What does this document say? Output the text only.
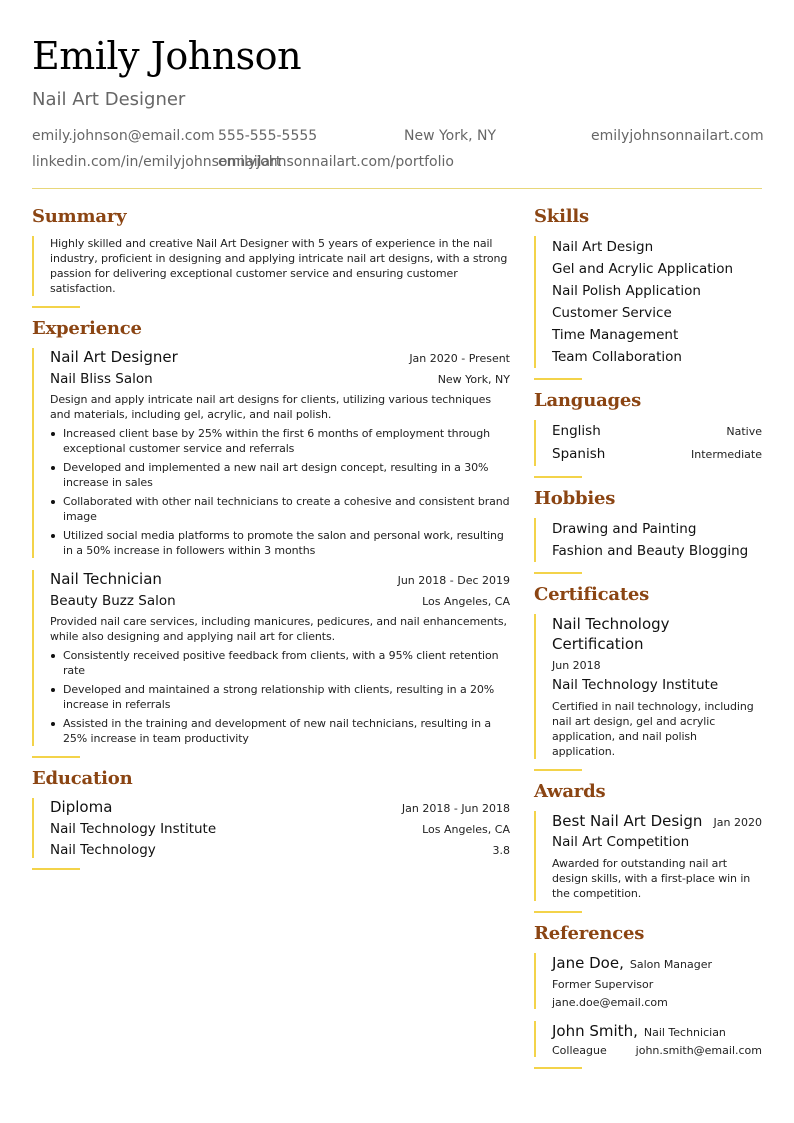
Emily Johnson
Nail Art Designer
emily.johnson@email.com 555-555-5555	New York, NY	emilyjohnsonnailart.com
linkedin.com/in/emilyjohnsonnailart
emilyjohnsonnailart.com/portfolio
Summary
Highly skilled and creative Nail Art Designer with 5 years of experience in the nail industry, proficient in designing and applying intricate nail art designs, with a strong passion for delivering exceptional customer service and ensuring customer satisfaction.
Experience
Nail Art Designer	Jan 2020 - Present
Nail Bliss Salon	New York, NY
Design and apply intricate nail art designs for clients, utilizing various techniques and materials, including gel, acrylic, and nail polish.
Increased client base by 25% within the first 6 months of employment through exceptional customer service and referrals
Developed and implemented a new nail art design concept, resulting in a 30% increase in sales
Collaborated with other nail technicians to create a cohesive and consistent brand image
Utilized social media platforms to promote the salon and personal work, resulting in a 50% increase in followers within 3 months
Nail Technician	Jun 2018 - Dec 2019
Beauty Buzz Salon	Los Angeles, CA
Provided nail care services, including manicures, pedicures, and nail enhancements, while also designing and applying nail art for clients.
Consistently received positive feedback from clients, with a 95% client retention rate
Developed and maintained a strong relationship with clients, resulting in a 20% increase in referrals
Assisted in the training and development of new nail technicians, resulting in a 25% increase in team productivity
Education
Diploma	Jan 2018 - Jun 2018
Nail Technology Institute	Los Angeles, CA
Nail Technology	3.8
Skills
Nail Art Design
Gel and Acrylic Application
Nail Polish Application
Customer Service
Time Management
Team Collaboration
Languages
English	Native
Spanish	Intermediate
Hobbies
Drawing and Painting
Fashion and Beauty Blogging
Certificates
Nail Technology Certification
Jun 2018
Nail Technology Institute
Certified in nail technology, including nail art design, gel and acrylic application, and nail polish application.
Awards
Best Nail Art Design Jan 2020
Nail Art Competition
Awarded for outstanding nail art design skills, with a first-place win in the competition.
References
Jane Doe, Salon Manager
Former Supervisor
jane.doe@email.com
John Smith, Nail Technician
Colleague	john.smith@email.com
